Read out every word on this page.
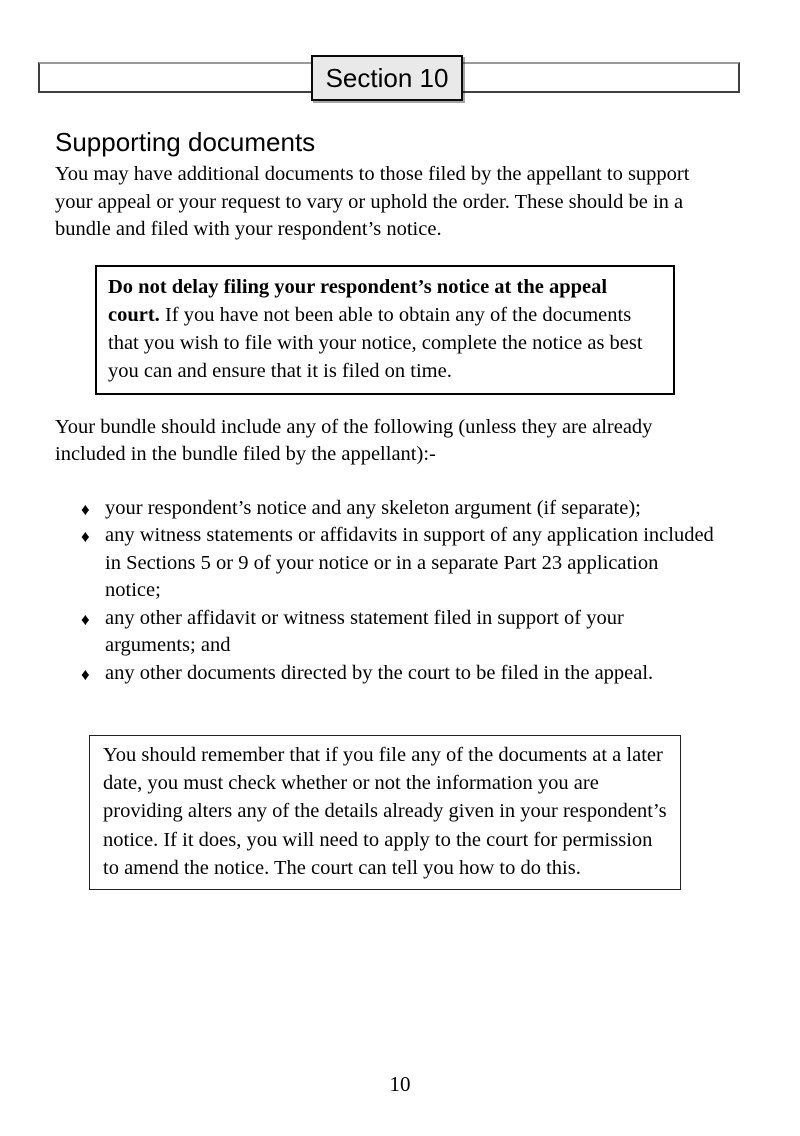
Section 10
Supporting documents

You may have additional documents to those filed by the appellant to support your appeal or your request to vary or uphold the order. These should be in a bundle and filed with your respondent’s notice.

Do not delay filing your respondent’s notice at the appeal court. If you have not been able to obtain any of the documents that you wish to file with your notice, complete the notice as best you can and ensure that it is filed on time.

Your bundle should include any of the following (unless they are already included in the bundle filed by the appellant):-

♦ your respondent’s notice and any skeleton argument (if separate);
♦ any witness statements or affidavits in support of any application included in Sections 5 or 9 of your notice or in a separate Part 23 application notice;
♦ any other affidavit or witness statement filed in support of your arguments; and
♦ any other documents directed by the court to be filed in the appeal.
You should remember that if you file any of the documents at a later date, you must check whether or not the information you are providing alters any of the details already given in your respondent’s notice. If it does, you will need to apply to the court for permission to amend the notice. The court can tell you how to do this.
10
